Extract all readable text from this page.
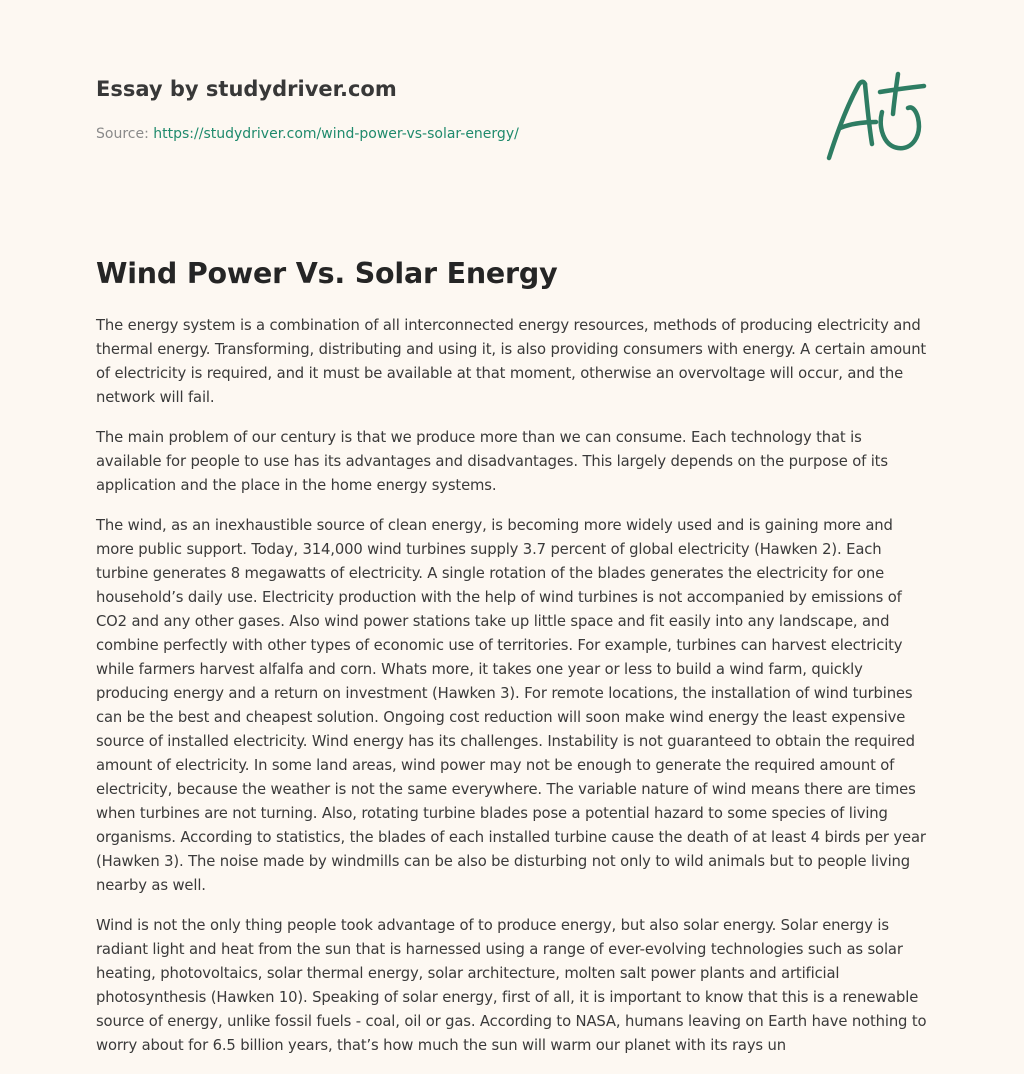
Essay by studydriver.com
Source: https://studydriver.com/wind-power-vs-solar-energy/
Wind Power Vs. Solar Energy

The energy system is a combination of all interconnected energy resources, methods of producing electricity and thermal energy. Transforming, distributing and using it, is also providing consumers with energy. A certain amount of electricity is required, and it must be available at that moment, otherwise an overvoltage will occur, and the network will fail.

The main problem of our century is that we produce more than we can consume. Each technology that is available for people to use has its advantages and disadvantages. This largely depends on the purpose of its application and the place in the home energy systems.

The wind, as an inexhaustible source of clean energy, is becoming more widely used and is gaining more and more public support. Today, 314,000 wind turbines supply 3.7 percent of global electricity (Hawken 2). Each turbine generates 8 megawatts of electricity. A single rotation of the blades generates the electricity for one household’s daily use. Electricity production with the help of wind turbines is not accompanied by emissions of CO2 and any other gases. Also wind power stations take up little space and fit easily into any landscape, and combine perfectly with other types of economic use of territories. For example, turbines can harvest electricity while farmers harvest alfalfa and corn. Whats more, it takes one year or less to build a wind farm, quickly producing energy and a return on investment (Hawken 3). For remote locations, the installation of wind turbines can be the best and cheapest solution. Ongoing cost reduction will soon make wind energy the least expensive source of installed electricity. Wind energy has its challenges. Instability is not guaranteed to obtain the required amount of electricity. In some land areas, wind power may not be enough to generate the required amount of electricity, because the weather is not the same everywhere. The variable nature of wind means there are times when turbines are not turning. Also, rotating turbine blades pose a potential hazard to some species of living organisms. According to statistics, the blades of each installed turbine cause the death of at least 4 birds per year (Hawken 3). The noise made by windmills can be also be disturbing not only to wild animals but to people living nearby as well.

Wind is not the only thing people took advantage of to produce energy, but also solar energy. Solar energy is radiant light and heat from the sun that is harnessed using a range of ever-evolving technologies such as solar heating, photovoltaics, solar thermal energy, solar architecture, molten salt power plants and artificial photosynthesis (Hawken 10). Speaking of solar energy, first of all, it is important to know that this is a renewable source of energy, unlike fossil fuels - coal, oil or gas. According to NASA, humans leaving on Earth have nothing to worry about for 6.5 billion years, that’s how much the sun will warm our planet with its rays un
